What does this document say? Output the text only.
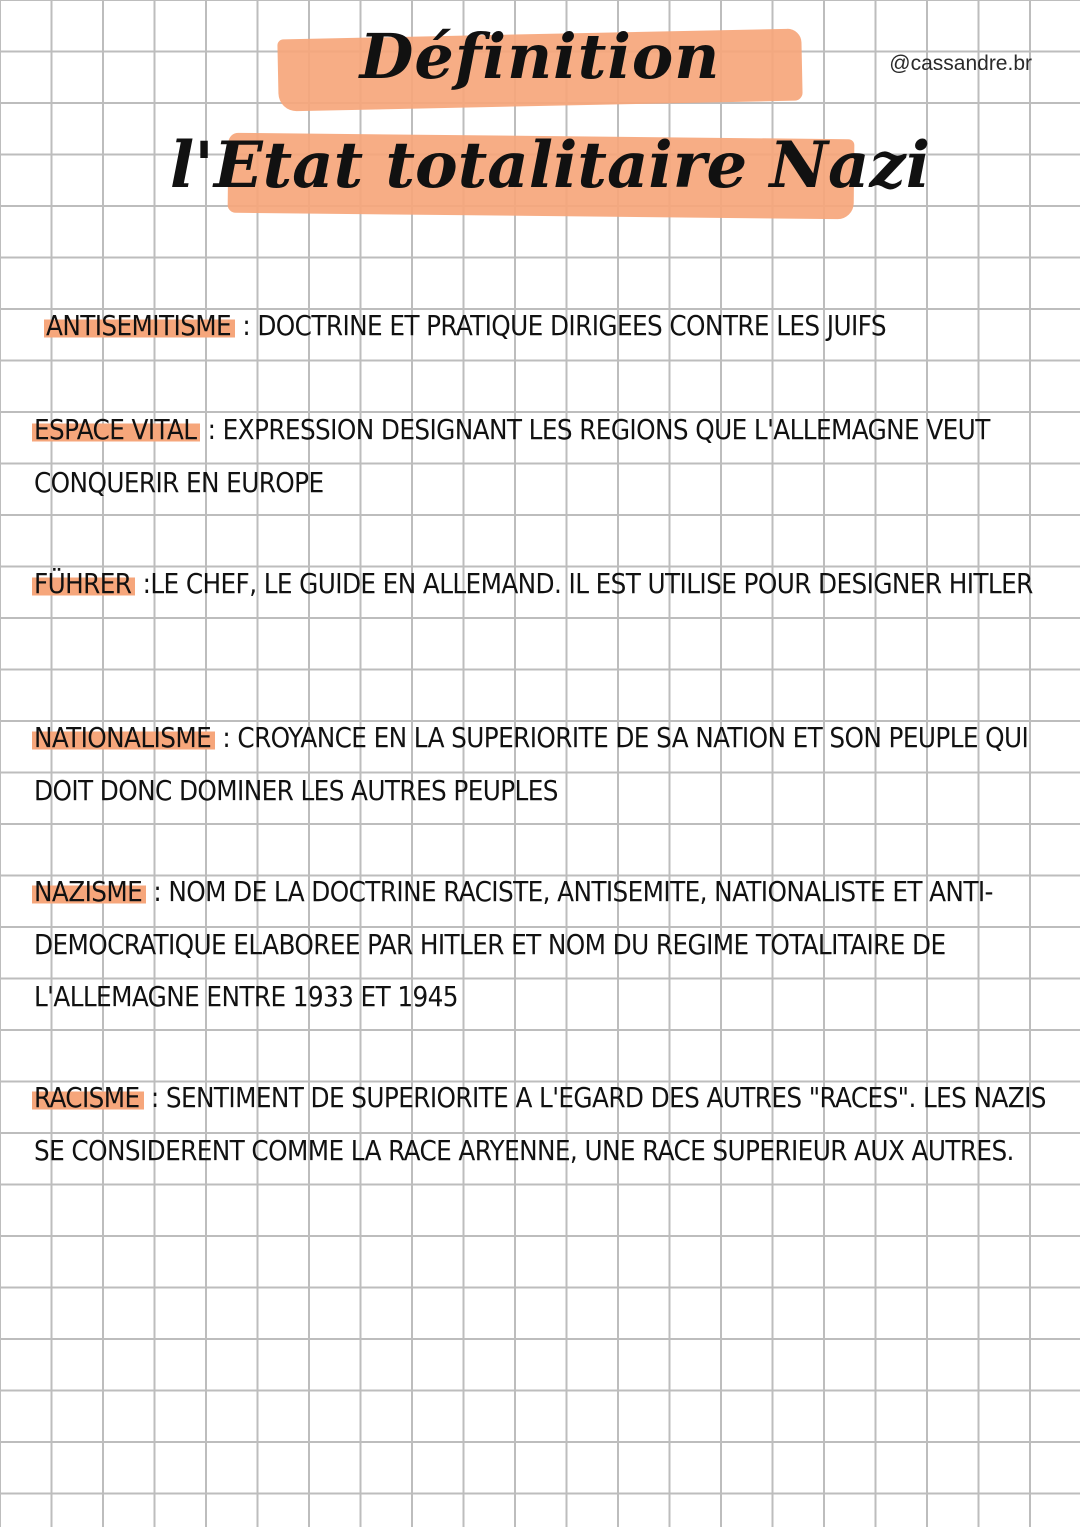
Définition
l'Etat totalitaire Nazi

@cassandre.br

ANTISEMITISME : DOCTRINE ET PRATIQUE DIRIGEES CONTRE LES JUIFS
ESPACE VITAL : EXPRESSION DESIGNANT LES REGIONS QUE L'ALLEMAGNE VEUT CONQUERIR EN EUROPE
FÜHRER :LE CHEF, LE GUIDE EN ALLEMAND. IL EST UTILISE POUR DESIGNER HITLER
NATIONALISME : CROYANCE EN LA SUPERIORITE DE SA NATION ET SON PEUPLE QUI DOIT DONC DOMINER LES AUTRES PEUPLES
NAZISME : NOM DE LA DOCTRINE RACISTE, ANTISEMITE, NATIONALISTE ET ANTI-DEMOCRATIQUE ELABOREE PAR HITLER ET NOM DU REGIME TOTALITAIRE DE L'ALLEMAGNE ENTRE 1933 ET 1945
RACISME : SENTIMENT DE SUPERIORITE A L'EGARD DES AUTRES "RACES". LES NAZIS SE CONSIDERENT COMME LA RACE ARYENNE, UNE RACE SUPERIEUR AUX AUTRES.
